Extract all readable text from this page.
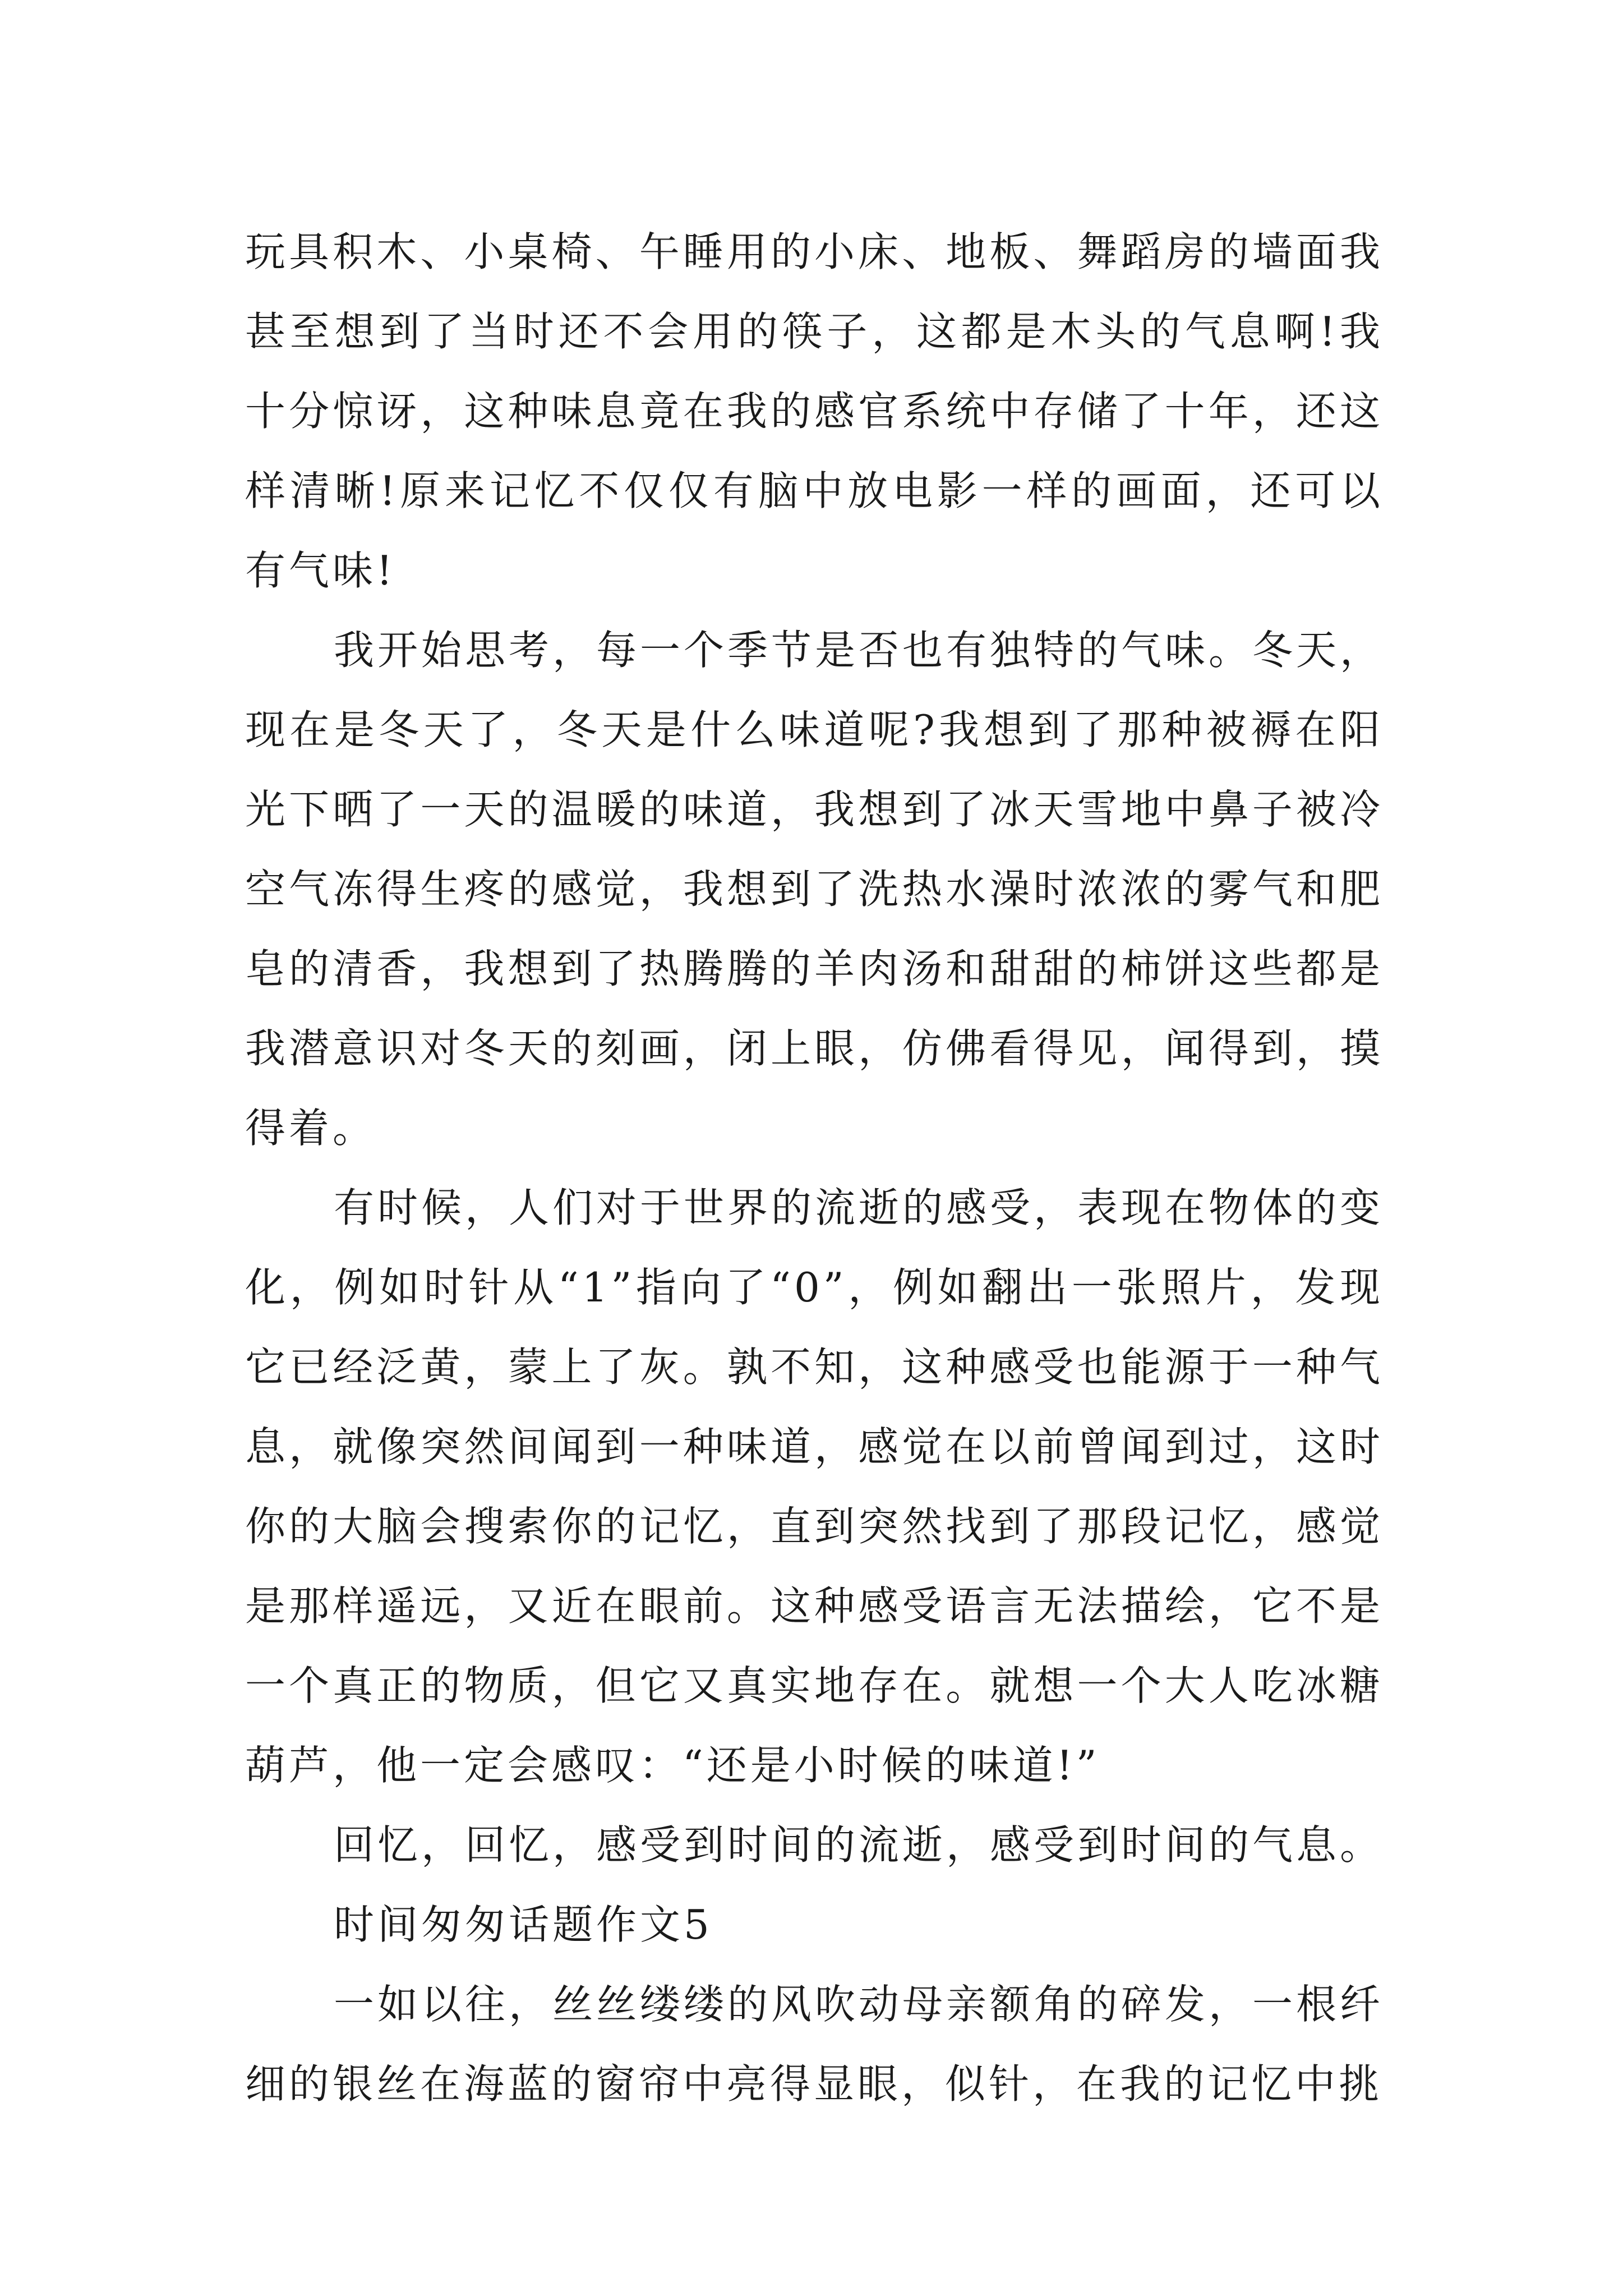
玩具积木、小桌椅、午睡用的小床、地板、舞蹈房的墙面我甚至想到了当时还不会用的筷子，这都是木头的气息啊!我十分惊讶，这种味息竟在我的感官系统中存储了十年，还这样清晰!原来记忆不仅仅有脑中放电影一样的画面，还可以有气味!

我开始思考，每一个季节是否也有独特的气味。冬天，现在是冬天了，冬天是什么味道呢?我想到了那种被褥在阳光下晒了一天的温暖的味道，我想到了冰天雪地中鼻子被冷空气冻得生疼的感觉，我想到了洗热水澡时浓浓的雾气和肥皂的清香，我想到了热腾腾的羊肉汤和甜甜的柿饼这些都是我潜意识对冬天的刻画，闭上眼，仿佛看得见，闻得到，摸得着。

有时候，人们对于世界的流逝的感受，表现在物体的变化，例如时针从“1”指向了“0”，例如翻出一张照片，发现它已经泛黄，蒙上了灰。孰不知，这种感受也能源于一种气息，就像突然间闻到一种味道，感觉在以前曾闻到过，这时你的大脑会搜索你的记忆，直到突然找到了那段记忆，感觉是那样遥远，又近在眼前。这种感受语言无法描绘，它不是一个真正的物质，但它又真实地存在。就想一个大人吃冰糖葫芦，他一定会感叹：“还是小时候的味道!”

回忆，回忆，感受到时间的流逝，感受到时间的气息。

时间匆匆话题作文5

一如以往，丝丝缕缕的风吹动母亲额角的碎发，一根纤细的银丝在海蓝的窗帘中亮得显眼，似针，在我的记忆中挑
